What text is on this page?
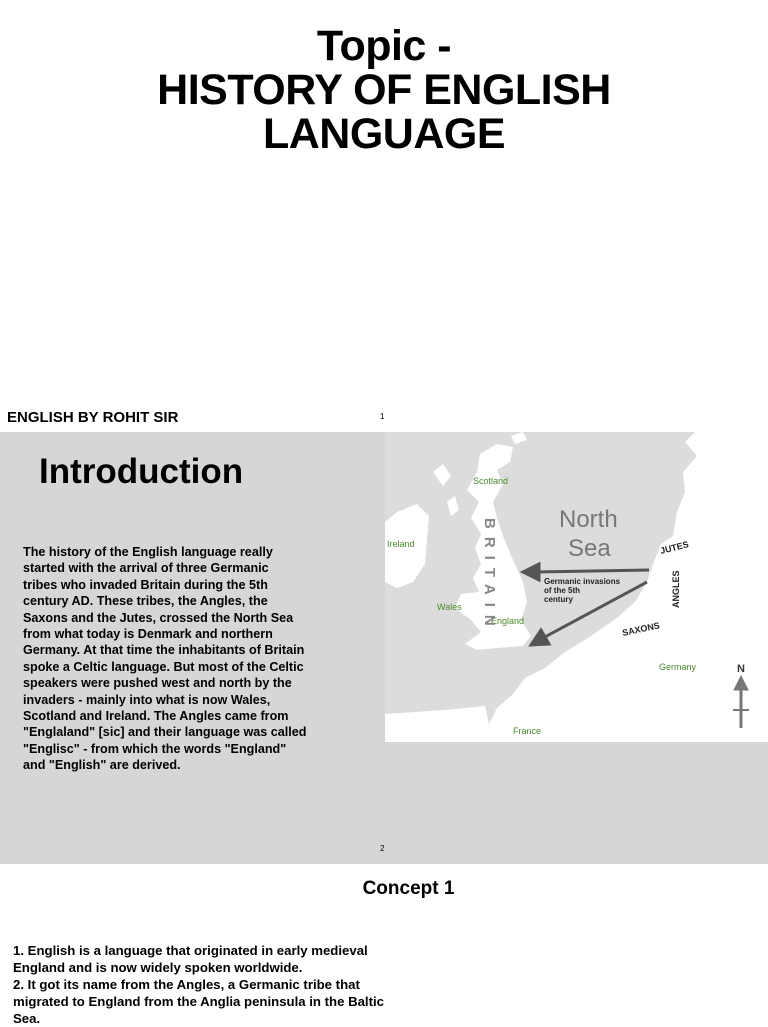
Topic -
HISTORY OF ENGLISH
LANGUAGE
ENGLISH BY ROHIT SIR	1
Introduction

The history of the English language really
started with the arrival of three Germanic
tribes who invaded Britain during the 5th
century AD. These tribes, the Angles, the
Saxons and the Jutes, crossed the North Sea
from what today is Denmark and northern
Germany. At that time the inhabitants of Britain
spoke a Celtic language. But most of the Celtic
speakers were pushed west and north by the
invaders - mainly into what is now Wales,
Scotland and Ireland. The Angles came from
"Englaland" [sic] and their language was called
"Englisc" - from which the words "England"
and "English" are derived.

N
Scotland
Ireland
Wales
England
Germany
France
North
Sea
BRITAIN	JUTES
ANGLES
SAXONS
Germanic invasions
of the 5th
century
2
Concept 1
1. English is a language that originated in early medieval England and is now widely spoken worldwide.
2. It got its name from the Angles, a Germanic tribe that migrated to England from the Anglia peninsula in the Baltic Sea.
